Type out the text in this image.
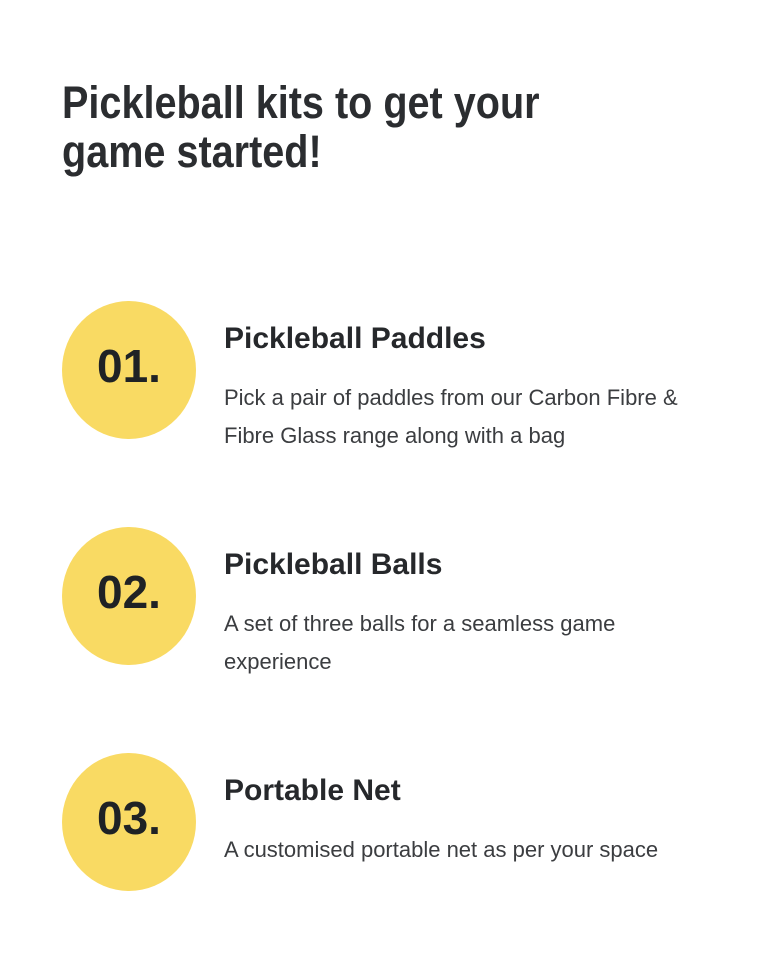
Pickleball kits to get your
game started!
01.
Pickleball Paddles
Pick a pair of paddles from our Carbon Fibre &
Fibre Glass range along with a bag
02.
Pickleball Balls
A set of three balls for a seamless game
experience
03.
Portable Net
A customised portable net as per your space
